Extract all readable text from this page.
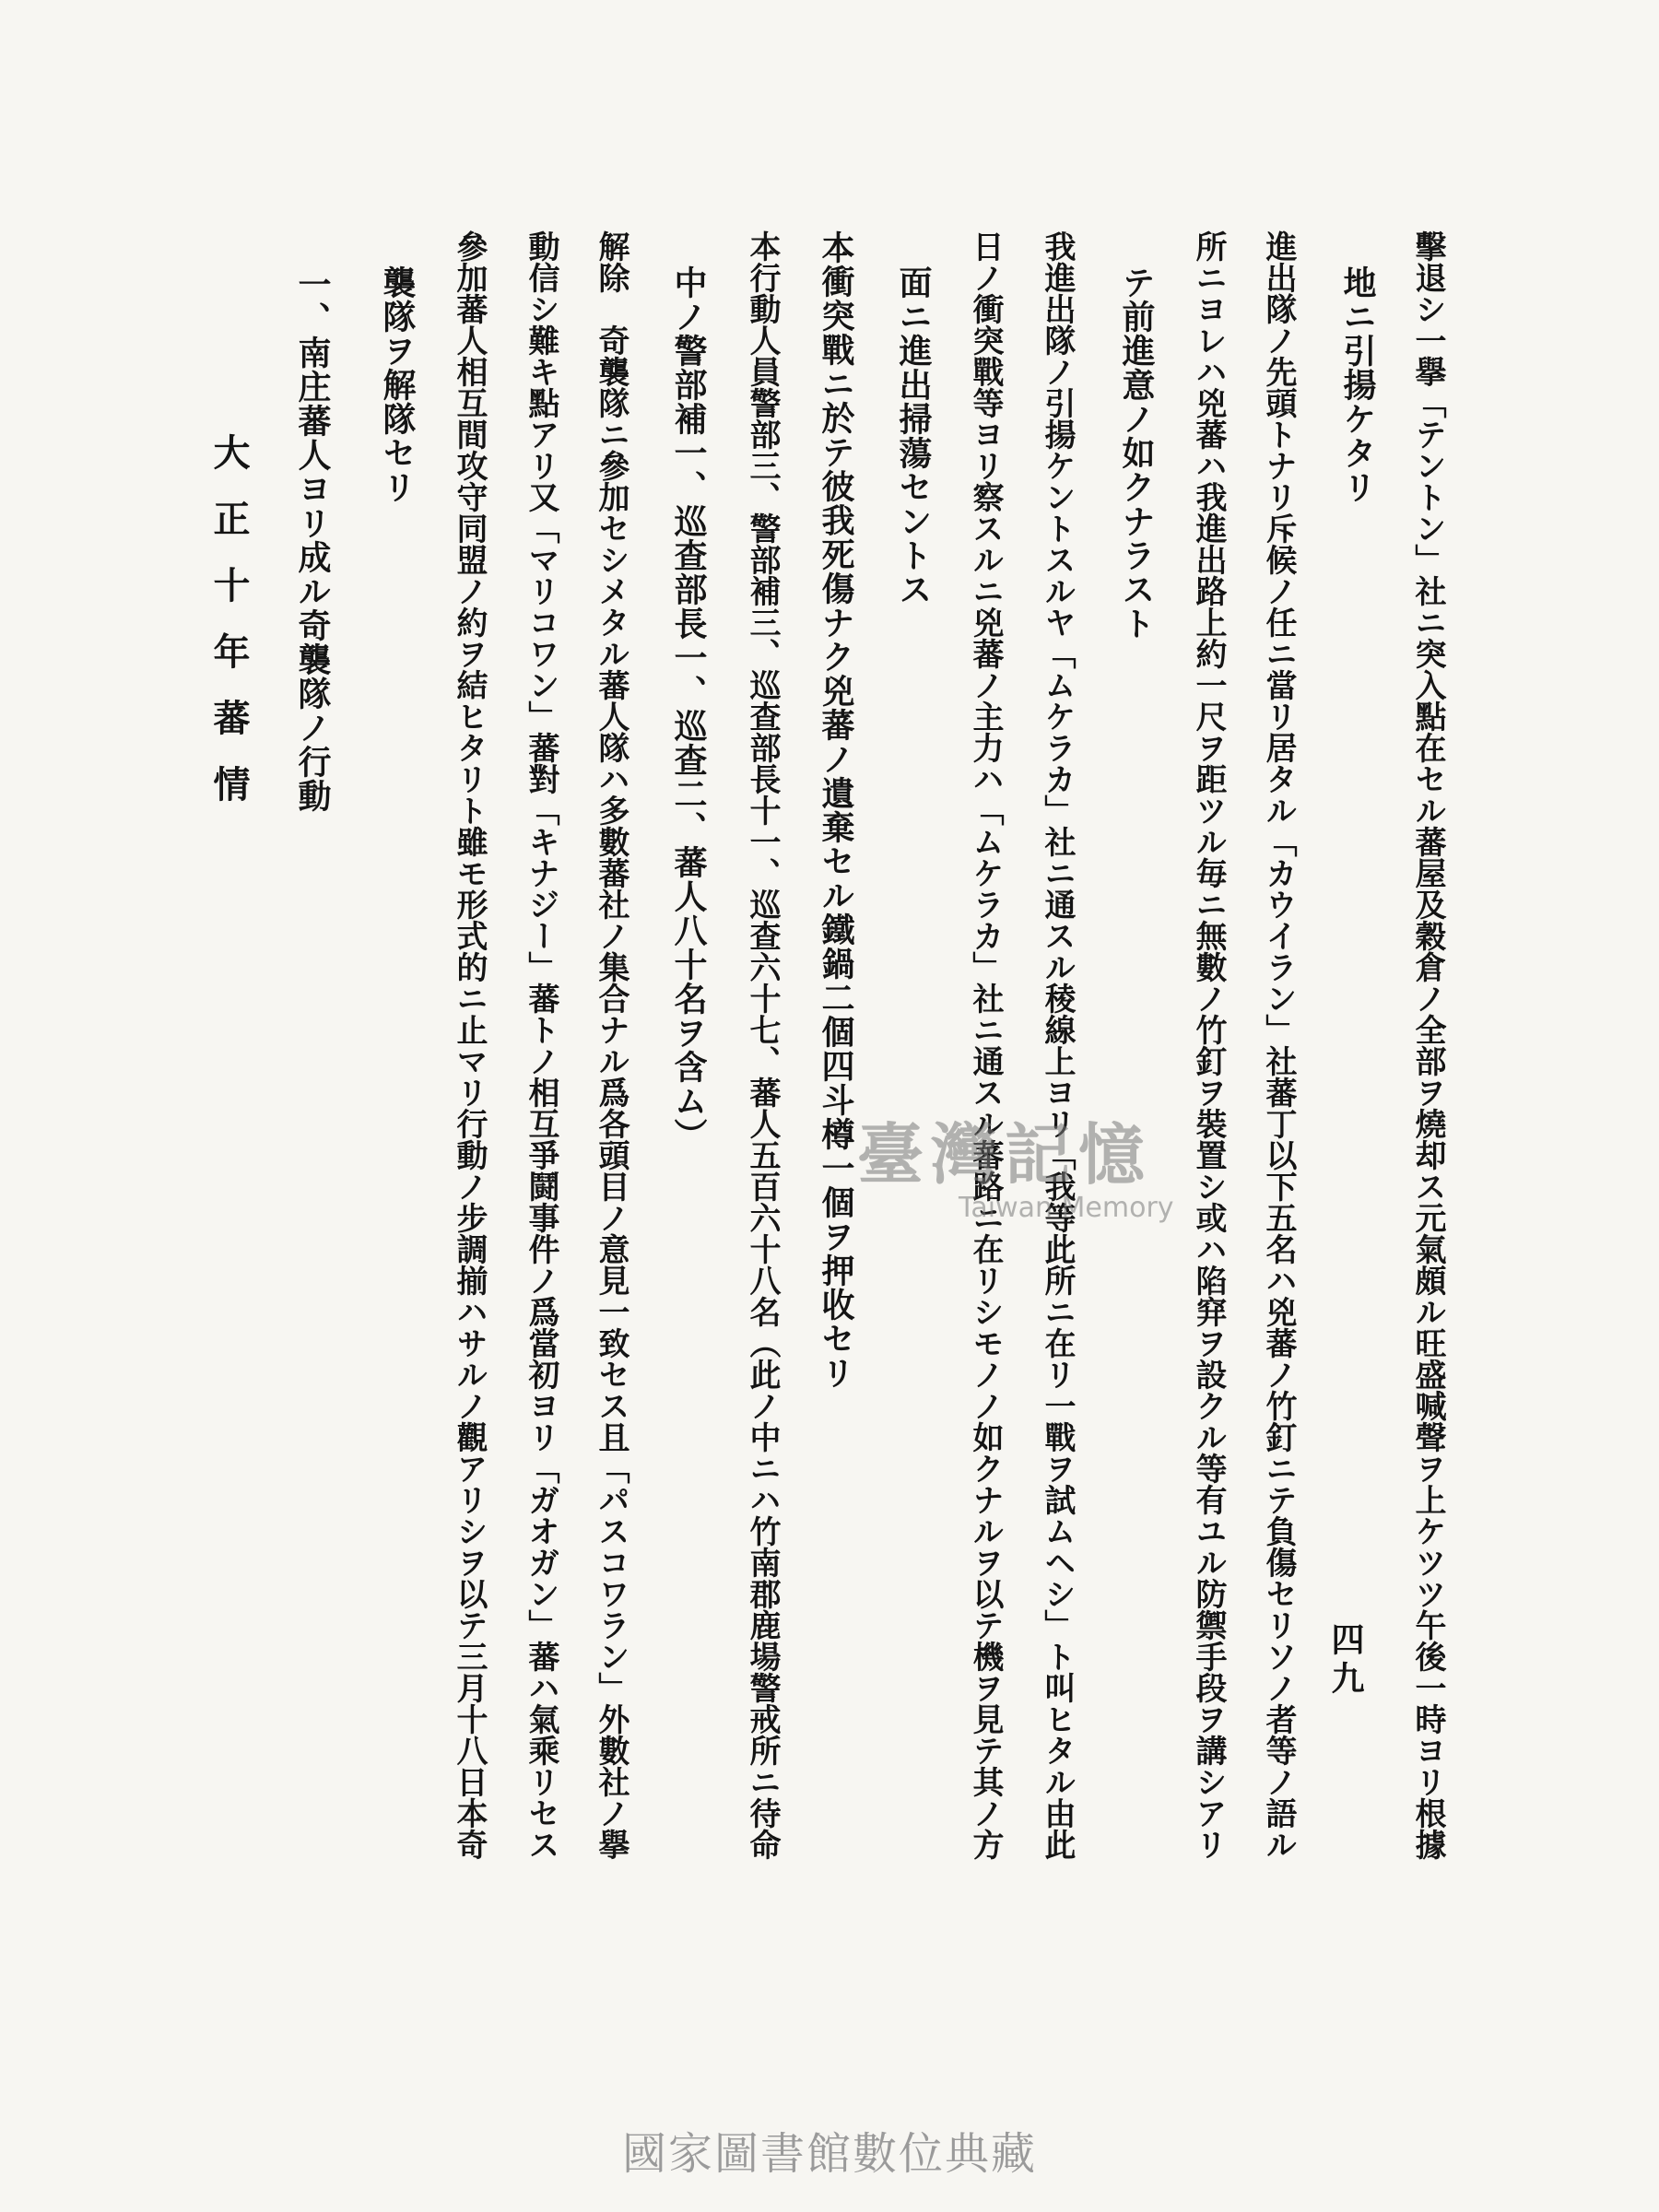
擊退シ一擧「テントン」社ニ突入點在セル蕃屋及穀倉ノ全部ヲ燒却ス元氣頗ル旺盛喊聲ヲ上ケツツ午後一時ヨリ根據
地ニ引揚ケタリ
進出隊ノ先頭トナリ斥候ノ任ニ當リ居タル「カウイラン」社蕃丁以下五名ハ兇蕃ノ竹釘ニテ負傷セリソノ者等ノ語ル
所ニヨレハ兇蕃ハ我進出路上約一尺ヲ距ツル毎ニ無數ノ竹釘ヲ裝置シ或ハ陷穽ヲ設クル等有ユル防禦手段ヲ講シアリ
テ前進意ノ如クナラスト
我進出隊ノ引揚ケントスルヤ「ムケラカ」社ニ通スル稜線上ヨリ「我等此所ニ在リ一戰ヲ試ムヘシ」ト叫ヒタル由此
日ノ衝突戰等ヨリ察スルニ兇蕃ノ主力ハ「ムケラカ」社ニ通スル蕃路ニ在リシモノノ如クナルヲ以テ機ヲ見テ其ノ方
面ニ進出掃蕩セントス
本衝突戰ニ於テ彼我死傷ナク兇蕃ノ遺棄セル鐵鍋二個四斗樽一個ヲ押收セリ
本行動人員警部三、警部補三、巡查部長十一、巡查六十七、蕃人五百六十八名（此ノ中ニハ竹南郡鹿場警戒所ニ待命
中ノ警部補一、巡查部長一、巡查二、蕃人八十名ヲ含ム）
解除　奇襲隊ニ參加セシメタル蕃人隊ハ多數蕃社ノ集合ナル爲各頭目ノ意見一致セス且「パスコワラン」外數社ノ擧
動信シ難キ點アリ又「マリコワン」蕃對「キナジー」蕃トノ相互爭鬪事件ノ爲當初ヨリ「ガオガン」蕃ハ氣乘リセス
參加蕃人相互間攻守同盟ノ約ヲ結ヒタリト雖モ形式的ニ止マリ行動ノ步調揃ハサルノ觀アリシヲ以テ三月十八日本奇
襲隊ヲ解隊セリ
一、南庄蕃人ヨリ成ル奇襲隊ノ行動
大正十年蕃情
四九
臺灣記憶
Taiwan Memory
國家圖書館數位典藏
